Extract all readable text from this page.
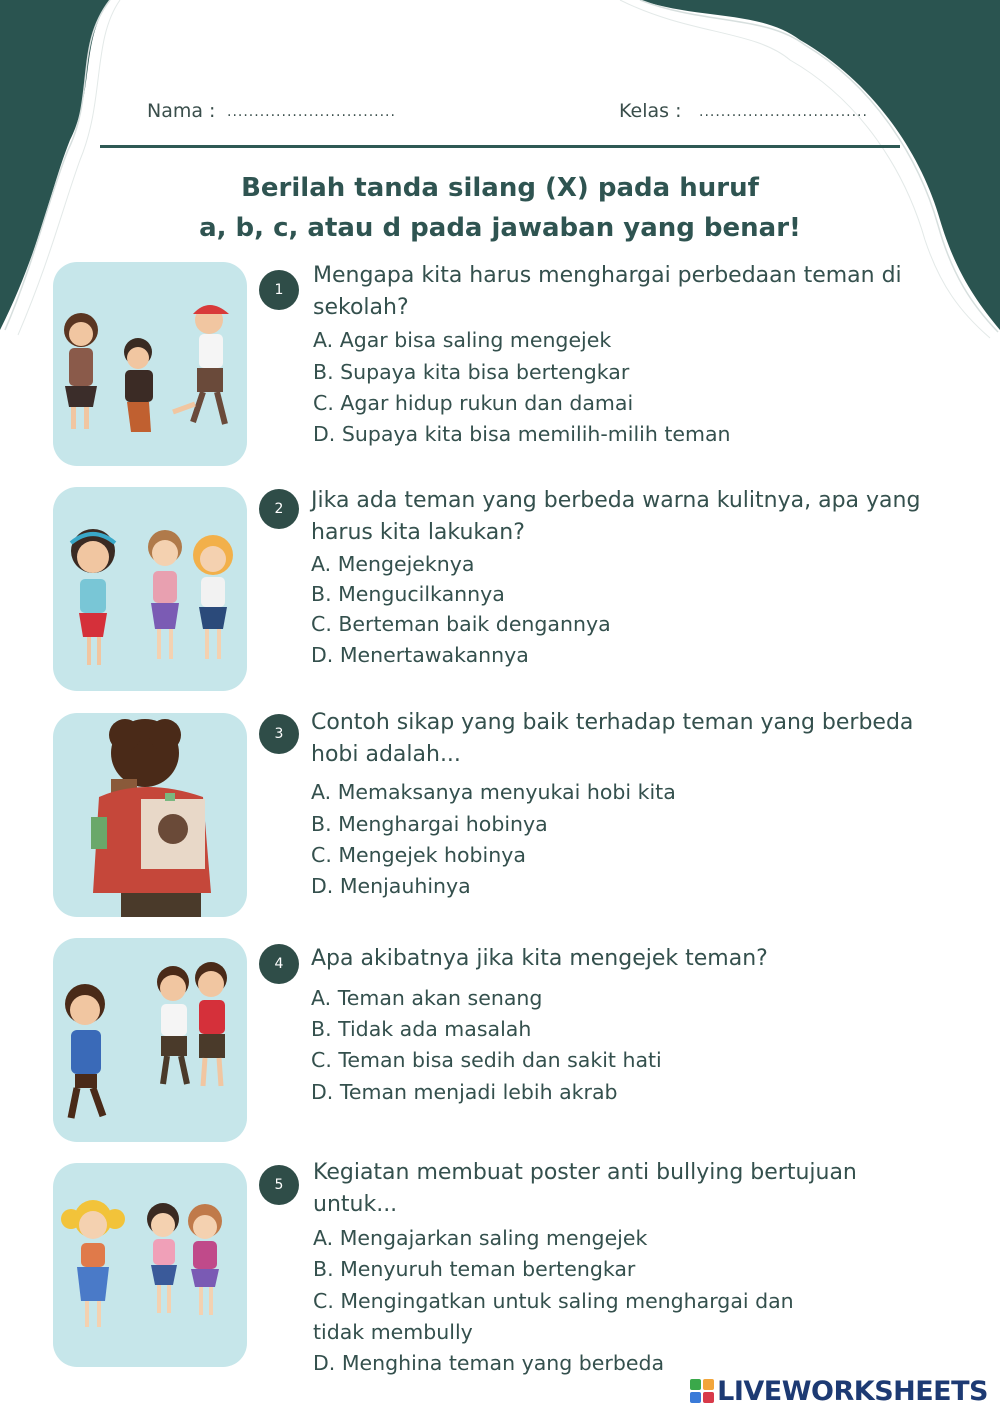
Nama : ...............................	Kelas : ...............................
Berilah tanda silang (X) pada huruf
a, b, c, atau d pada jawaban yang benar!
1
Mengapa kita harus menghargai perbedaan teman di sekolah?
A. Agar bisa saling mengejek
B. Supaya kita bisa bertengkar
C. Agar hidup rukun dan damai
D. Supaya kita bisa memilih-milih teman
2	Jika ada teman yang berbeda warna kulitnya, apa yang harus kita lakukan?
A. Mengejeknya
B. Mengucilkannya
C. Berteman baik dengannya
D. Menertawakannya
3	Contoh sikap yang baik terhadap teman yang berbeda hobi adalah...
A. Memaksanya menyukai hobi kita
B. Menghargai hobinya
C. Mengejek hobinya
D. Menjauhinya
4	Apa akibatnya jika kita mengejek teman?
A. Teman akan senang
B. Tidak ada masalah
C. Teman bisa sedih dan sakit hati
D. Teman menjadi lebih akrab
5	Kegiatan membuat poster anti bullying bertujuan untuk...
A. Mengajarkan saling mengejek
B. Menyuruh teman bertengkar
C. Mengingatkan untuk saling menghargai dan
tidak membully
D. Menghina teman yang berbeda
LIVEWORKSHEETS
